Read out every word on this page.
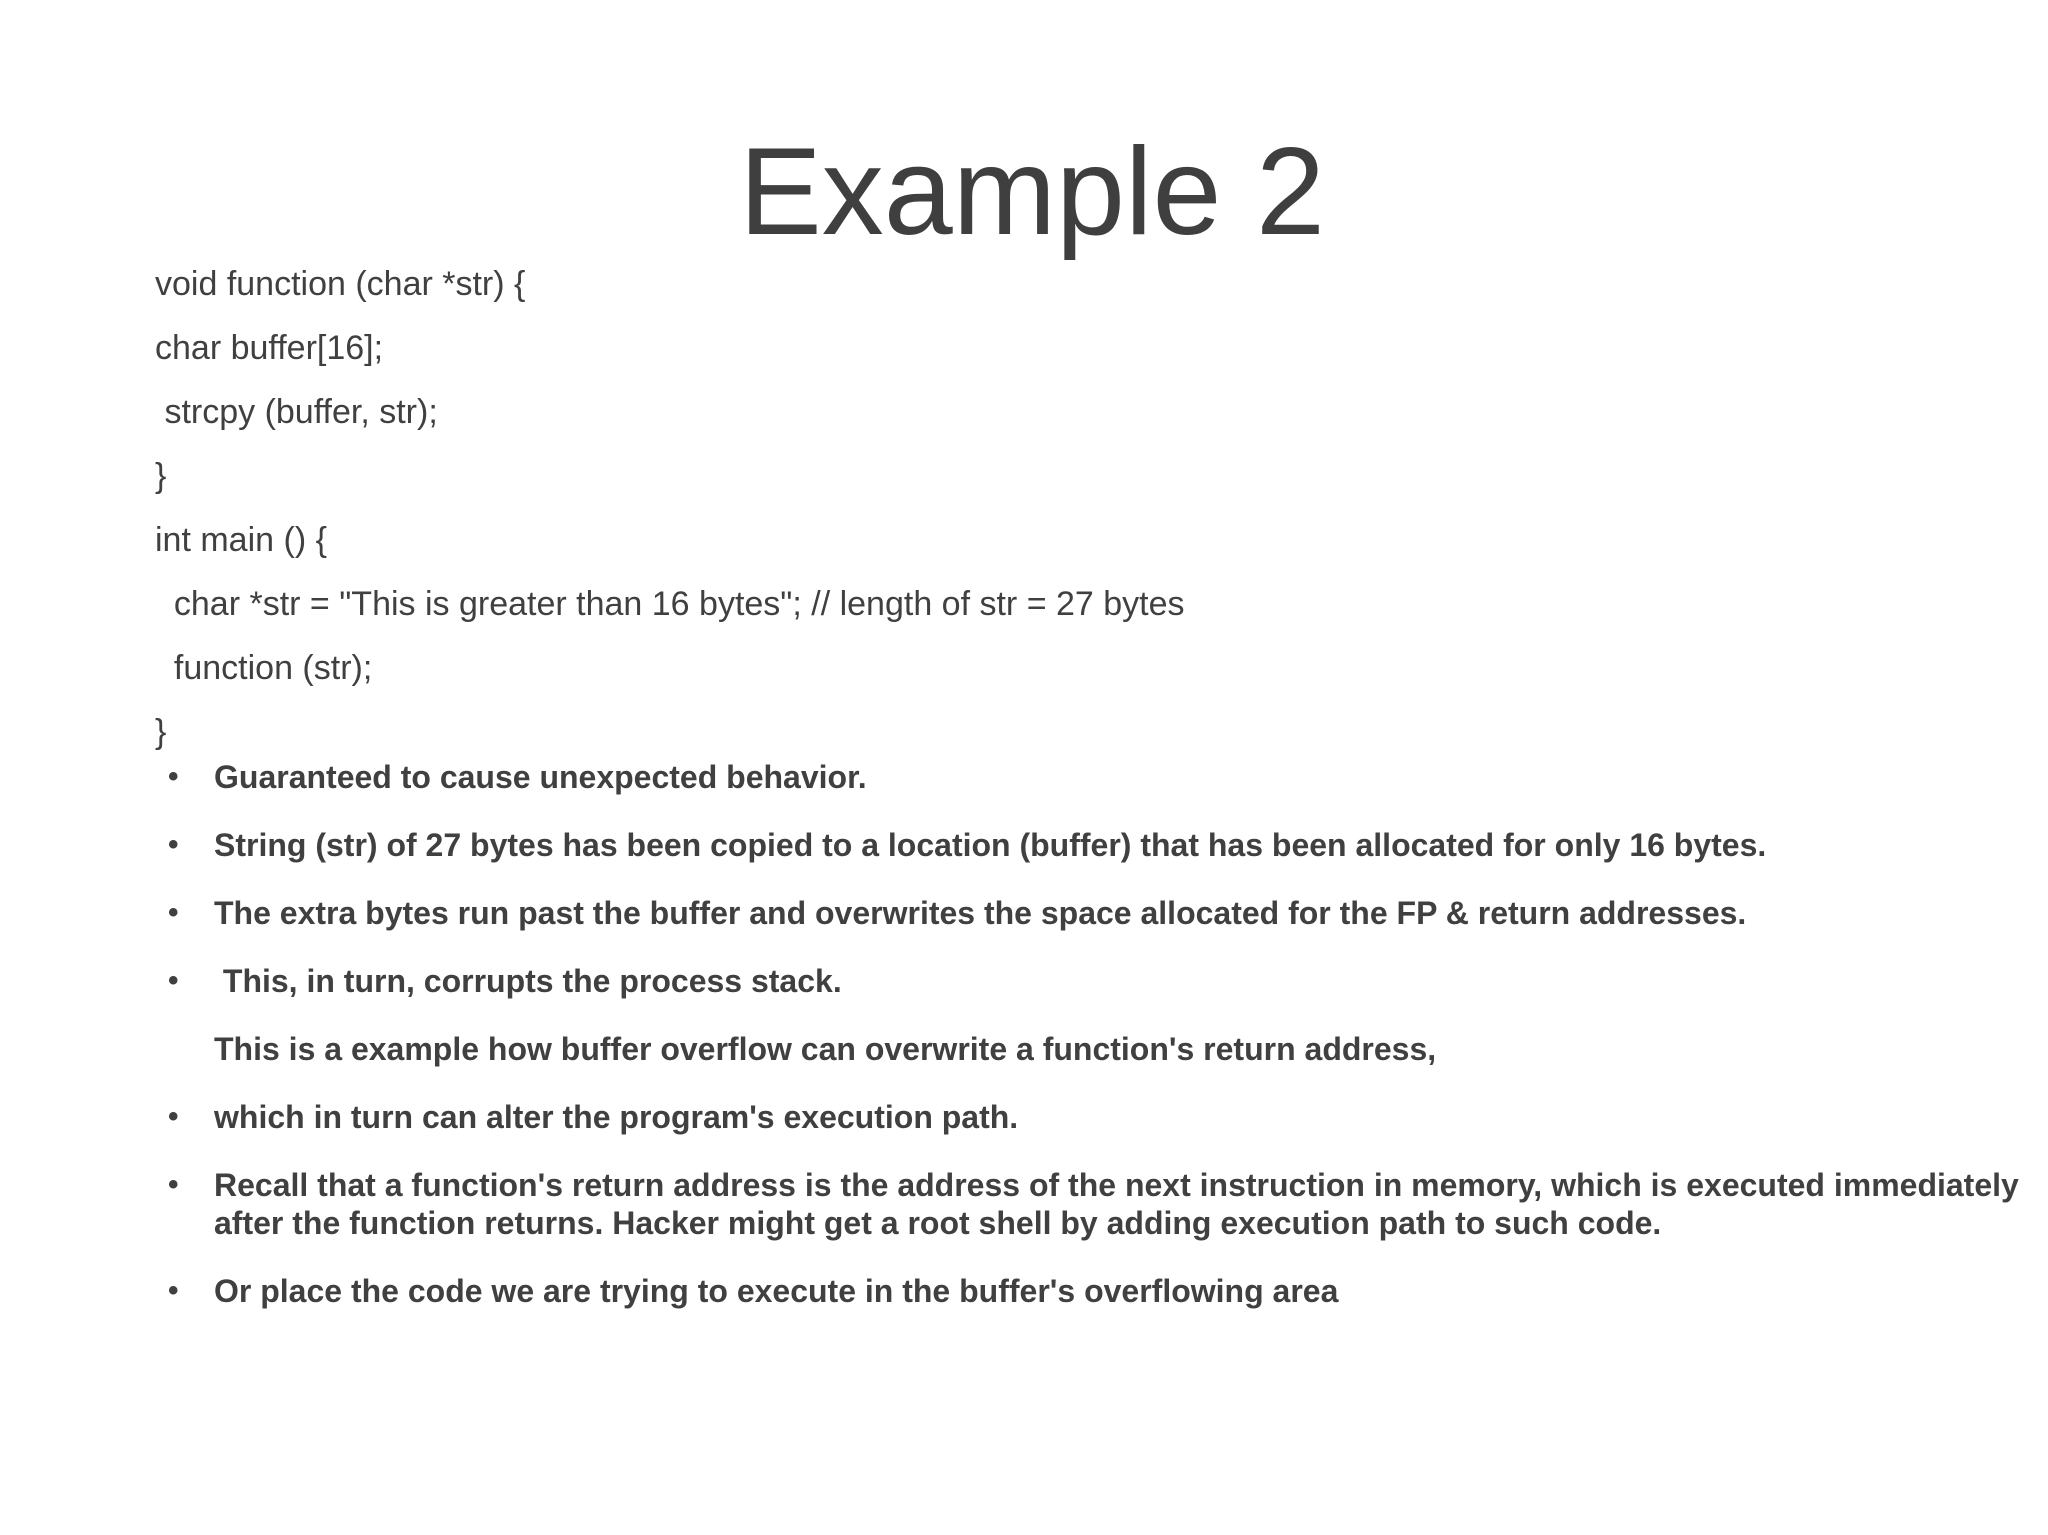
Example 2
void function (char *str) {
char buffer[16];
strcpy (buffer, str);
}
int main () {
char *str = "This is greater than 16 bytes"; // length of str = 27 bytes
function (str);
}
• Guaranteed to cause unexpected behavior.
• String (str) of 27 bytes has been copied to a location (buffer) that has been allocated for only 16 bytes.
• The extra bytes run past the buffer and overwrites the space allocated for the FP & return addresses.
• This, in turn, corrupts the process stack.
This is a example how buffer overflow can overwrite a function's return address,
• which in turn can alter the program's execution path.
• Recall that a function's return address is the address of the next instruction in memory, which is executed immediately after the function returns. Hacker might get a root shell by adding execution path to such code.
• Or place the code we are trying to execute in the buffer's overflowing area
